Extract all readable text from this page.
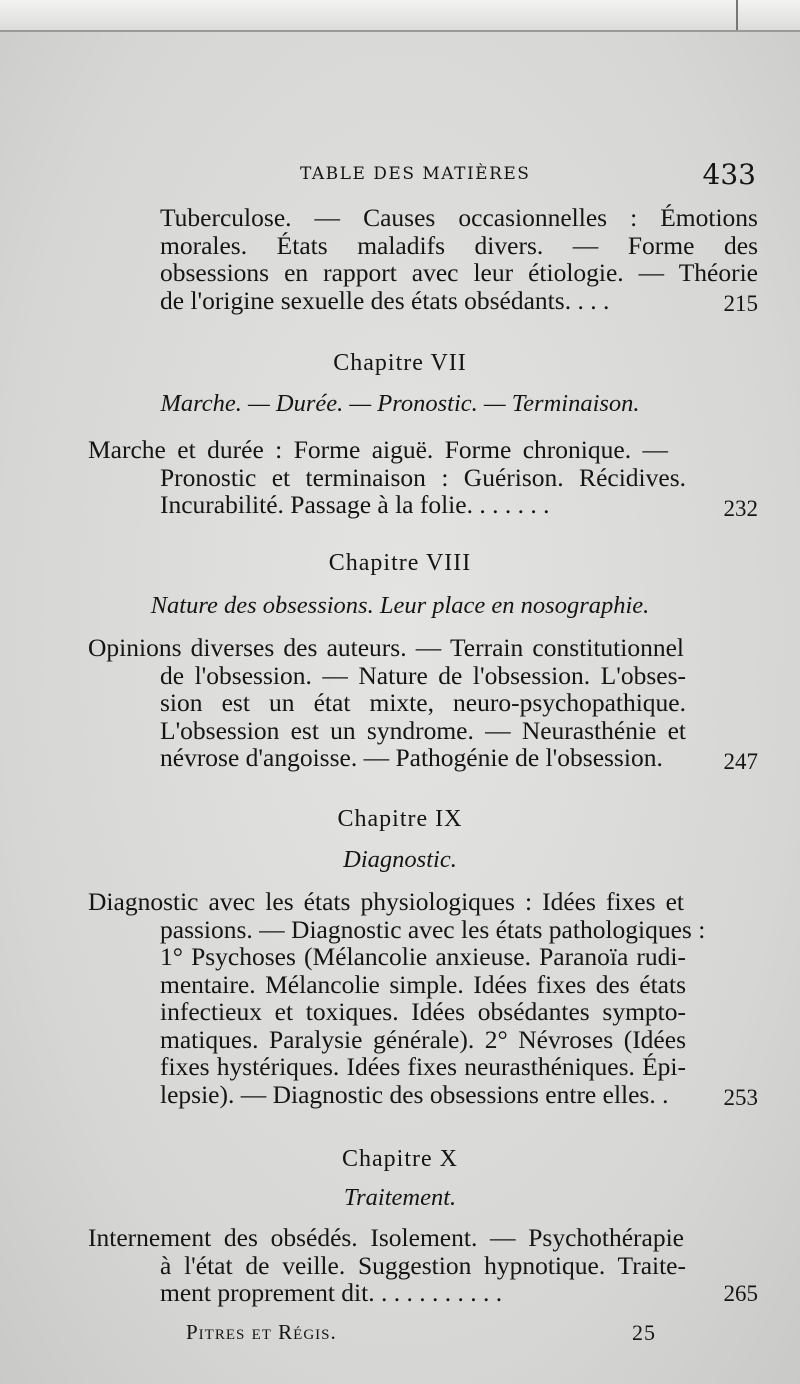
TABLE DES MATIÈRES	433
Tuberculose. — Causes occasionnelles : Émotions
morales. États maladifs divers. — Forme des
obsessions en rapport avec leur étiologie. — Théorie
de l'origine sexuelle des états obsédants. . . .	215
Chapitre VII
Marche. — Durée. — Pronostic. — Terminaison.
Marche et durée : Forme aiguë. Forme chronique. —
Pronostic et terminaison : Guérison. Récidives.
Incurabilité. Passage à la folie. . . . . . .	232
Chapitre VIII
Nature des obsessions. Leur place en nosographie.
Opinions diverses des auteurs. — Terrain constitutionnel
de l'obsession. — Nature de l'obsession. L'obses-
sion est un état mixte, neuro-psychopathique.
L'obsession est un syndrome. — Neurasthénie et
névrose d'angoisse. — Pathogénie de l'obsession.	247
Chapitre IX
Diagnostic.
Diagnostic avec les états physiologiques : Idées fixes et
passions. — Diagnostic avec les états pathologiques :
1° Psychoses (Mélancolie anxieuse. Paranoïa rudi-
mentaire. Mélancolie simple. Idées fixes des états
infectieux et toxiques. Idées obsédantes sympto-
matiques. Paralysie générale). 2° Névroses (Idées
fixes hystériques. Idées fixes neurasthéniques. Épi-
lepsie). — Diagnostic des obsessions entre elles. .	253
Chapitre X
Traitement.
Internement des obsédés. Isolement. — Psychothérapie
à l'état de veille. Suggestion hypnotique. Traite-
ment proprement dit. . . . . . . . . . .	265
Pitres et Régis.	25
